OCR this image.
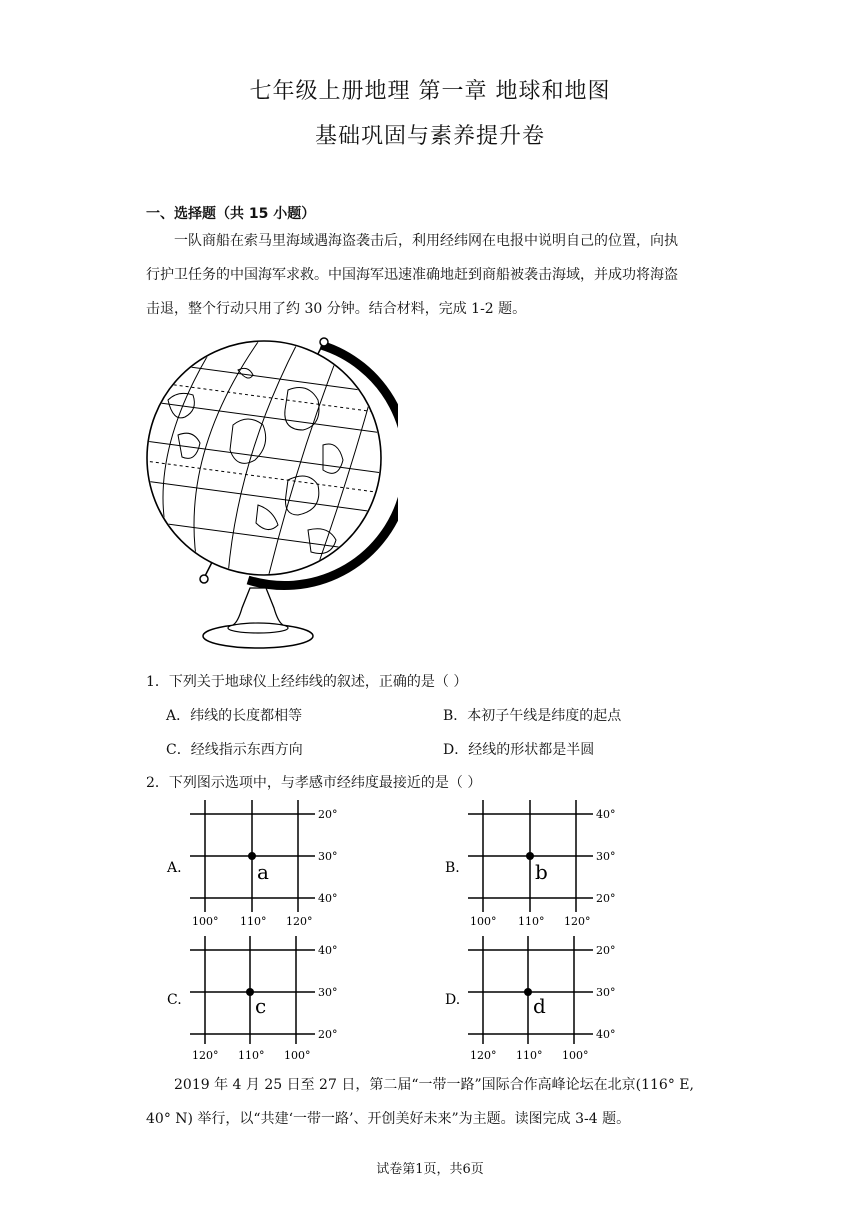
七年级上册地理 第一章 地球和地图
基础巩固与素养提升卷
一、选择题（共 15 小题）
一队商船在索马里海域遇海盗袭击后，利用经纬网在电报中说明自己的位置，向执
行护卫任务的中国海军求救。中国海军迅速准确地赶到商船被袭击海域，并成功将海盗
击退，整个行动只用了约 30 分钟。结合材料，完成 1-2 题。
1．下列关于地球仪上经纬线的叙述，正确的是（ ）
A．纬线的长度都相等	B．本初子午线是纬度的起点
C．经线指示东西方向	D．经线的形状都是半圆
2．下列图示选项中，与孝感市经纬度最接近的是（ ）
A.
20°
30°
40°
100° 110° 120°
a	B.
40°
30°
20°
100° 110° 120°
b
C.
40°
30°
20°
120° 110° 100°
c	D.
20°
30°
40°
120° 110° 100°
d
2019 年 4 月 25 日至 27 日，第二届“一带一路”国际合作高峰论坛在北京(116° E,
40° N) 举行，以“共建‘一带一路’、开创美好未来”为主题。读图完成 3-4 题。
试卷第1页，共6页
